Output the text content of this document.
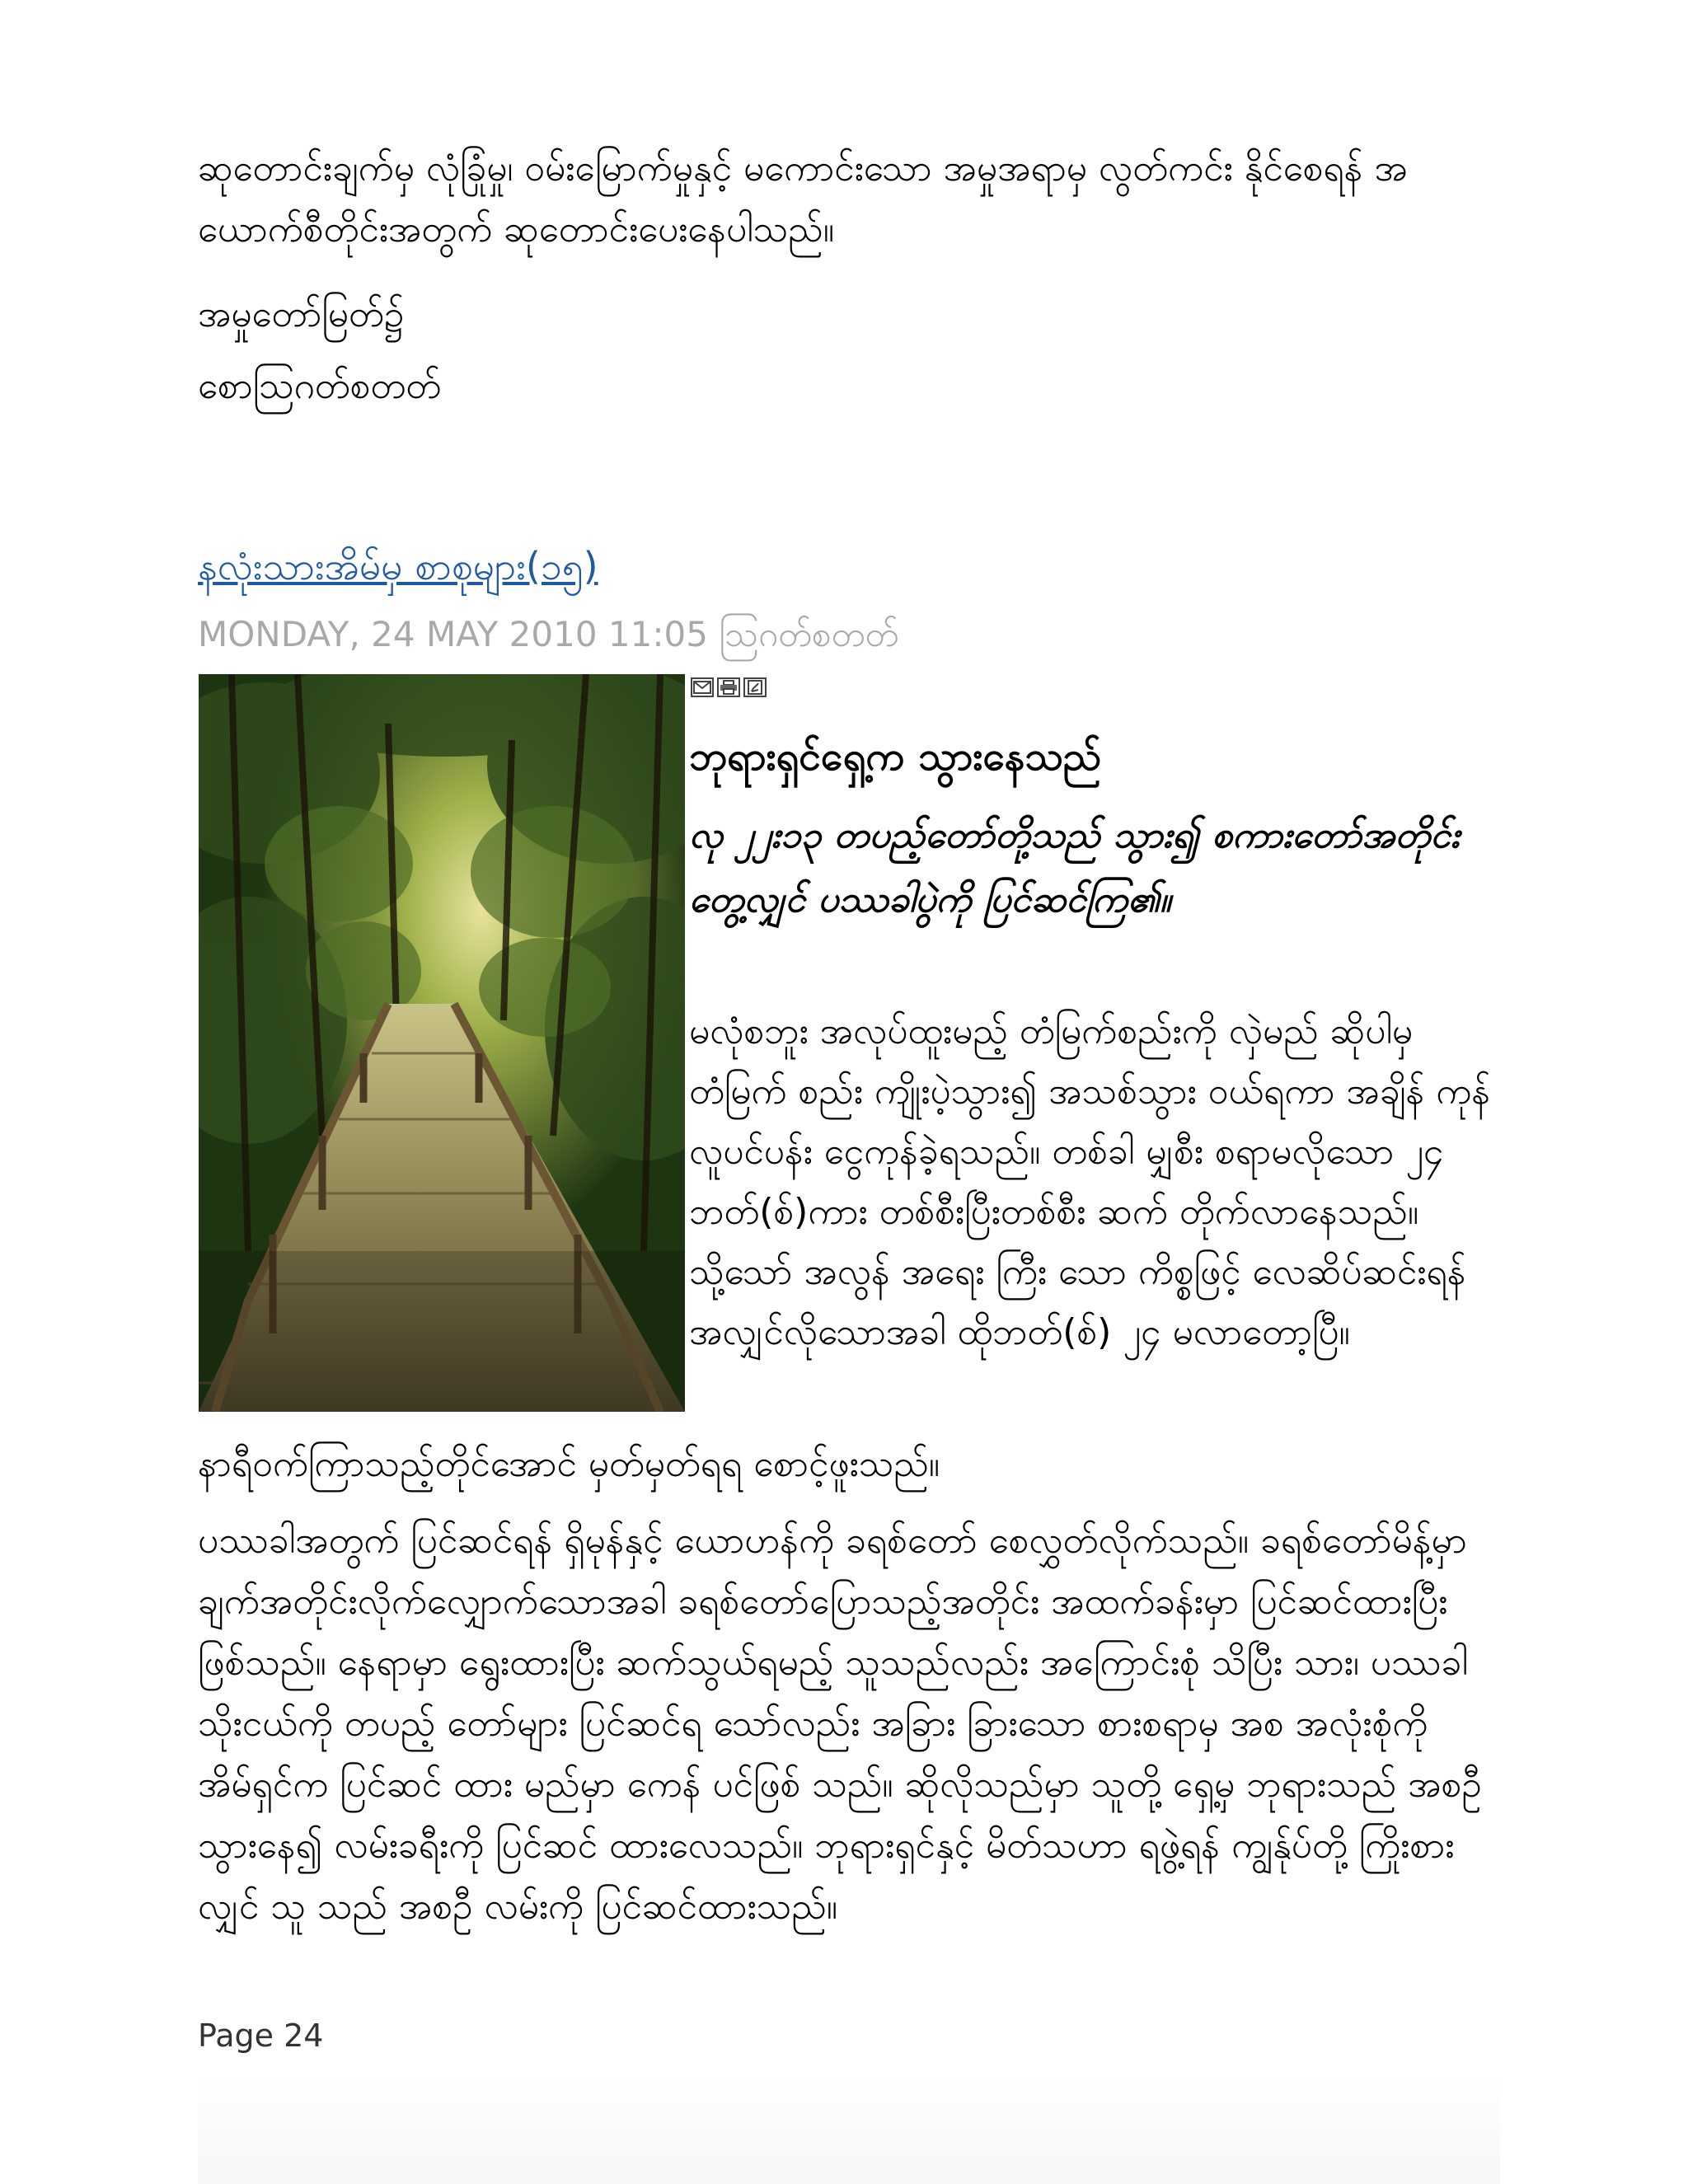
ဆုတောင်းချက်မှ လုံခြုံမှု၊ ဝမ်းမြောက်မှုနှင့် မကောင်းသော အမှုအရာမှ လွတ်ကင်း နိုင်စေရန် အယောက်စီတိုင်းအတွက် ဆုတောင်းပေးနေပါသည်။

အမှုတော်မြတ်၌

စောသြဂတ်စတတ်

နလုံးသားအိမ်မှ စာစုများ(၁၅)
MONDAY, 24 MAY 2010 11:05 သြဂတ်စတတ်

ဘုရားရှင်ရှေ့က သွားနေသည်

လု ၂၂း၁၃ တပည့်တော်တို့သည် သွား၍ စကားတော်အတိုင်းတွေ့လျှင် ပဿခါပွဲကို ပြင်ဆင်ကြ၏။

မလုံစဘူး အလုပ်ထူးမည့် တံမြက်စည်းကို လှဲမည် ဆိုပါမှ တံမြက် စည်း ကျိုးပဲ့သွား၍ အသစ်သွား ဝယ်ရကာ အချိန် ကုန်လူပင်ပန်း ငွေကုန်ခဲ့ရသည်။ တစ်ခါ မျှစီး စရာမလိုသော ၂၄ ဘတ်(စ်)ကား တစ်စီးပြီးတစ်စီး ဆက် တိုက်လာနေသည်။ သို့သော် အလွန် အရေး ကြီး သော ကိစ္စဖြင့် လေဆိပ်ဆင်းရန် အလျှင်လိုသောအခါ ထိုဘတ်(စ်) ၂၄ မလာတော့ပြီ။

နာရီဝက်ကြာသည့်တိုင်အောင် မှတ်မှတ်ရရ စောင့်ဖူးသည်။

ပဿခါအတွက် ပြင်ဆင်ရန် ရှိမုန်နှင့် ယောဟန်ကို ခရစ်တော် စေလွှတ်လိုက်သည်။ ခရစ်တော်မိန့်မှာ ချက်အတိုင်းလိုက်လျှောက်သောအခါ ခရစ်တော်ပြောသည့်အတိုင်း အထက်ခန်းမှာ ပြင်ဆင်ထားပြီး ဖြစ်သည်။ နေရာမှာ ရွေးထားပြီး ဆက်သွယ်ရမည့် သူသည်လည်း အကြောင်းစုံ သိပြီး သား၊ ပဿခါသိုးငယ်ကို တပည့် တော်များ ပြင်ဆင်ရ သော်လည်း အခြား ခြားသော စားစရာမှ အစ အလုံးစုံကို အိမ်ရှင်က ပြင်ဆင် ထား မည်မှာ ကေန် ပင်ဖြစ် သည်။ ဆိုလိုသည်မှာ သူတို့ ရှေ့မှ ဘုရားသည် အစဦ သွားနေ၍ လမ်းခရီးကို ပြင်ဆင် ထားလေသည်။ ဘုရားရှင်နှင့် မိတ်သဟာ ရဖွဲ့ရန် ကျွန်ုပ်တို့ ကြိုးစား လျှင် သူ သည် အစဦ လမ်းကို ပြင်ဆင်ထားသည်။

Page 24
